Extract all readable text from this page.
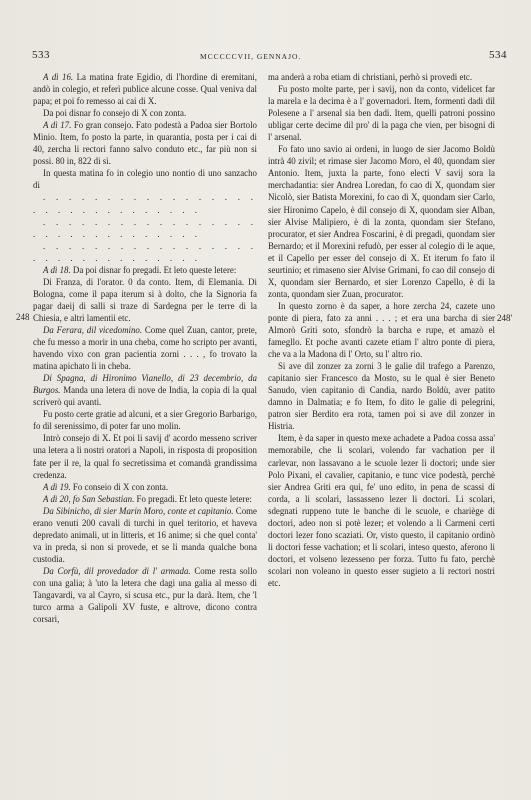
533	MCCCCCVII, GENNAJO.	534
248	248'

A dì 16. La matina frate Egidio, di l'hordine di eremitani, andò in colegio, et referì publice alcune cosse. Qual veniva dal papa; et poi fo remesso ai cai di X.

Da poi disnar fo consejo di X con zonta.

A dì 17. Fo gran consejo. Fato podestà a Padoa sier Bortolo Minio. Item, fo posto la parte, in quarantia, posta per i cai di 40, zercha li rectori fanno salvo conduto etc., far più non si possi. 80 in, 822 di sì.

In questa matina fo in colegio uno nontio di uno sanzacho di

. . . . . . . . . . . . . . . . . . . . . . . . . . . . . . .

. . . . . . . . . . . . . . . . . . . . . . . . . . . . . . .

. . . . . . . . . . . . . . . . . . . . . . . . . . . . . . .

A dì 18. Da poi disnar fo pregadi. Et leto queste letere:

Di Franza, di l'orator. 0 da conto. Item, di Elemania. Di Bologna, come il papa iterum si à dolto, che la Signoria fa pagar daeij di salli si traze di Sardegna per le terre di la Chiesia, e altri lamentii etc.

Da Ferara, dil vicedomino. Come quel Zuan, cantor, prete, che fu messo a morir in una cheba, come ho scripto per avanti, havendo vixo con gran pacientia zorni . . . , fo trovato la matina apichato li in cheba.

Di Spagna, di Hironimo Vianello, di 23 decembrio, da Burgos. Manda una letera di nove de India, la copia di la qual scriverò qui avanti.

Fu posto certe gratie ad alcuni, et a sier Gregorio Barbarigo, fo dil serenissimo, di poter far uno molin.

Intrò consejo di X. Et poi li savij d' acordo messeno scriver una letera a li nostri oratori a Napoli, in risposta di proposition fate per il re, la qual fo secretissima et comandà grandissima credenza.

A dì 19. Fo conseio di X con zonta.

A dì 20, fo San Sebastian. Fo pregadi. Et leto queste letere:

Da Sibinicho, di sier Marin Moro, conte et capitanio. Come erano venuti 200 cavali di turchi in quel teritorio, et haveva depredato animali, ut in litteris, et 16 anime; si che quel conta' va in preda, si non si provede, et se li manda qualche bona custodia.

Da Corfù, dil provedador di l' armada. Come resta sollo con una galia; à 'uto la letera che dagi una galia al messo di Tangavardi, va al Cayro, si scusa etc., pur la darà. Item, che 'l turco arma a Galipoli XV fuste, e altrove, dicono contra corsari,

ma anderà a roba etiam di christiani, perhò si provedi etc.

Fu posto molte parte, per i savij, non da conto, videlicet far la marela e la decima è a l' governadori. Item, formenti dadi dil Polesene a l' arsenal sia ben dadi. Item, quelli patroni possino ubligar certe decime dil pro' di la paga che vien, per bisogni di l' arsenal.

Fo fato uno savio ai ordeni, in luogo de sier Jacomo Boldù intrà 40 zivil; et rimase sier Jacomo Moro, el 40, quondam sier Antonio. Item, juxta la parte, fono electi V savij sora la merchadantia: sier Andrea Loredan, fo cao di X, quondam sier Nicolò, sier Batista Morexini, fo cao di X, quondam sier Carlo, sier Hironimo Capelo, è dil consejo di X, quondam sier Alban, sier Alvise Malipiero, è di la zonta, quondam sier Stefano, procurator, et sier Andrea Foscarini, è di pregadi, quondam sier Bernardo; et il Morexini refudò, per esser al colegio di le aque, et il Capello per esser del consejo di X. Et iterum fo fato il seurtinio; et rimaseno sier Alvise Grimani, fo cao dil consejo di X, quondam sier Bernardo, et sier Lorenzo Capello, è di la zonta, quondam sier Zuan, procurator.

In questo zorno è da saper, a hore zercha 24, cazete uno ponte di piera, fato za anni . . . ; et era una barcha di sier Almorò Griti soto, sfondrò la barcha e rupe, et amazò el famegllo. Et poche avanti cazete etiam l' altro ponte di piera, che va a la Madona di l' Orto, su l' altro rio.

Si ave dil zonzer za zorni 3 le galie dil trafego a Parenzo, capitanio sier Francesco da Mosto, su le qual è sier Beneto Sanudo, vien capitanio di Candia, nardo Boldù, aver patito damno in Dalmatia; e fo Item, fo dito le galie di pelegrini, patron sier Berdito era rota, tamen poi si ave dil zonzer in Histria.

Item, è da saper in questo mexe achadete a Padoa cossa assa' memorabile, che li scolari, volendo far vachation per il carlevar, non lassavano a le scuole lezer li doctori; unde sier Polo Pixani, el cavalier, capitanio, e tunc vice podestà, perchè sier Andrea Griti era qui, fe' uno edito, in pena de scassi di corda, a li scolari, lassasseno lezer li doctori. Li scolari, sdegnati ruppeno tute le banche di le scuole, e chariège di doctori, adeo non si potè lezer; et volendo a li Carmeni certi doctori lezer fono scaziati. Or, visto questo, il capitanio ordinò li doctori fesse vachation; et li scolari, inteso questo, aferono li doctori, et volseno lezesseno per forza. Tutto fu fato, perchè scolari non voleano in questo esser sugieto a li rectori nostri etc.
